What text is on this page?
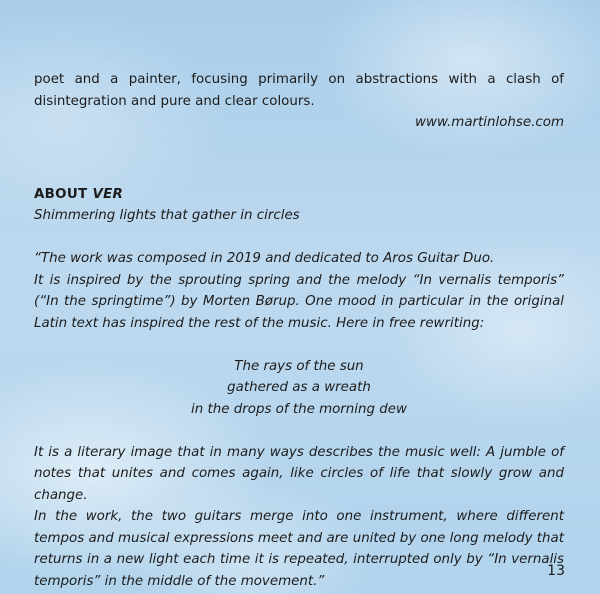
poet and a painter, focusing primarily on abstractions with a clash of disintegration and pure and clear colours.

www.martinlohse.com

ABOUT VER

Shimmering lights that gather in circles

“The work was composed in 2019 and dedicated to Aros Guitar Duo.

It is inspired by the sprouting spring and the melody “In vernalis temporis” (“In the springtime”) by Morten Børup. One mood in particular in the original Latin text has inspired the rest of the music. Here in free rewriting:

The rays of the sun

gathered as a wreath

in the drops of the morning dew

It is a literary image that in many ways describes the music well: A jumble of notes that unites and comes again, like circles of life that slowly grow and change.

In the work, the two guitars merge into one instrument, where different tempos and musical expressions meet and are united by one long melody that returns in a new light each time it is repeated, interrupted only by “In vernalis temporis” in the middle of the movement.”

13
